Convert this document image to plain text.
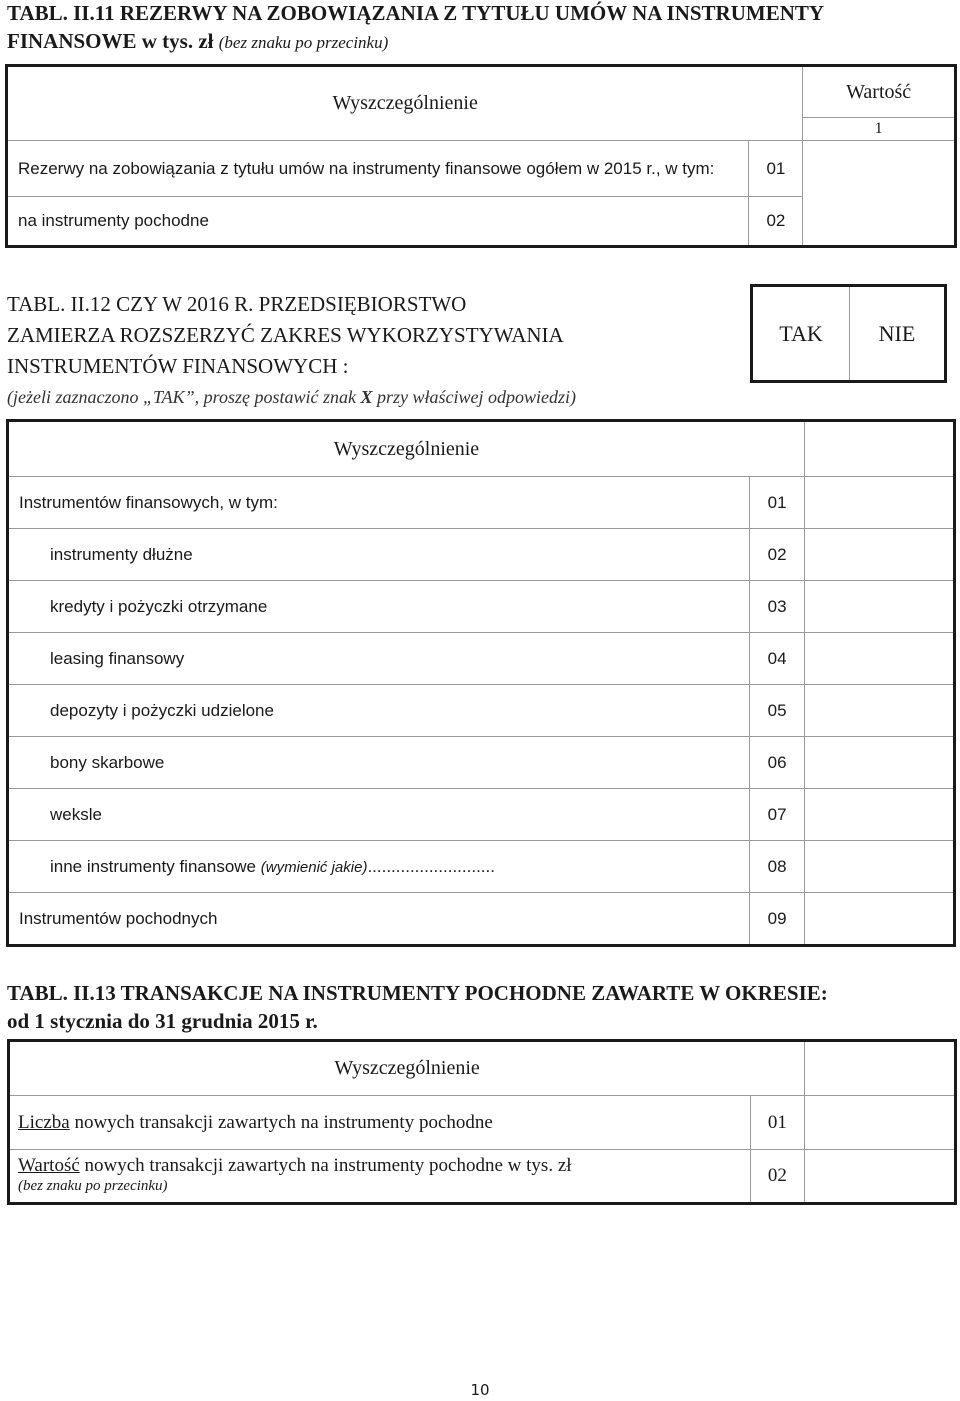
TABL. II.11 REZERWY NA ZOBOWIĄZANIA Z TYTUŁU UMÓW NA INSTRUMENTY
FINANSOWE w tys. zł (bez znaku po przecinku)
Wyszczególnienie		Wartość
1

Rezerwy na zobowiązania z tytułu umów na instrumenty finansowe ogółem w 2015 r., w tym:	01	
na instrumenty pochodne	02	
TABL. II.12 CZY W 2016 R. PRZEDSIĘBIORSTWO
ZAMIERZA ROZSZERZYĆ ZAKRES WYKORZYSTYWANIA
INSTRUMENTÓW FINANSOWYCH :
(jeżeli zaznaczono „TAK”, proszę postawić znak X przy właściwej odpowiedzi)
TAK	NIE
Wyszczególnienie		
Instrumentów finansowych, w tym:	01	
instrumenty dłużne	02	
kredyty i pożyczki otrzymane	03	
leasing finansowy	04	
depozyty i pożyczki udzielone	05	
bony skarbowe	06	
weksle	07	
inne instrumenty finansowe (wymienić jakie)...........................	08	
Instrumentów pochodnych	09	
TABL. II.13 TRANSAKCJE NA INSTRUMENTY POCHODNE ZAWARTE W OKRESIE:
od 1 stycznia do 31 grudnia 2015 r.
Wyszczególnienie		
Liczba nowych transakcji zawartych na instrumenty pochodne	01	

Wartość nowych transakcji zawartych na instrumenty pochodne w tys. zł
(bez znaku po przecinku)	02	
10
